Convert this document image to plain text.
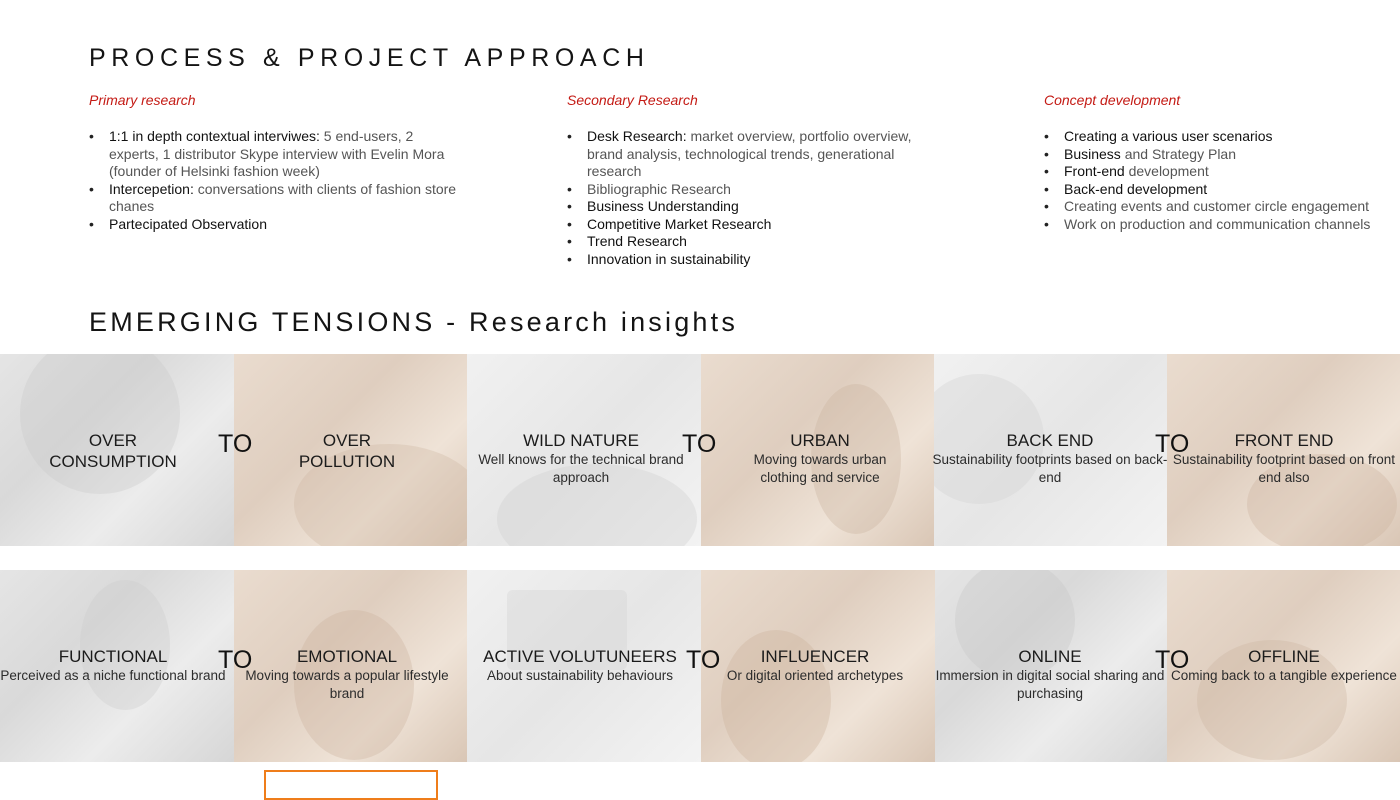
PROCESS & PROJECT APPROACH

Primary research

• 1:1 in depth contextual interviwes: 5 end-users, 2 experts, 1 distributor Skype interview with Evelin Mora (founder of Helsinki fashion week)
• Intercepetion: conversations with clients of fashion store chanes
• Partecipated Observation

Secondary Research

• Desk Research: market overview, portfolio overview, brand analysis, technological trends, generational research
• Bibliographic Research
• Business Understanding
• Competitive Market Research
• Trend Research
• Innovation in sustainability

Concept development

• Creating a various user scenarios
• Business and Strategy Plan
• Front-end development
• Back-end development
• Creating events and customer circle engagement
• Work on production and communication channels
EMERGING TENSIONS - Research insights
OVER
CONSUMPTION
TO	OVER
POLLUTION
WILD NATURE
Well knows for the technical brand approach
TO	URBAN
Moving towards urban clothing and service
BACK END
Sustainability footprints based on back-end
TO	FRONT END
Sustainability footprint based on front end also
FUNCTIONAL
Perceived as a niche functional brand
TO	EMOTIONAL
Moving towards a popular lifestyle brand
ACTIVE VOLUTUNEERS
About sustainability behaviours
TO	INFLUENCER
Or digital oriented archetypes
ONLINE
Immersion in digital social sharing and purchasing
TO	OFFLINE
Coming back to a tangible experience
